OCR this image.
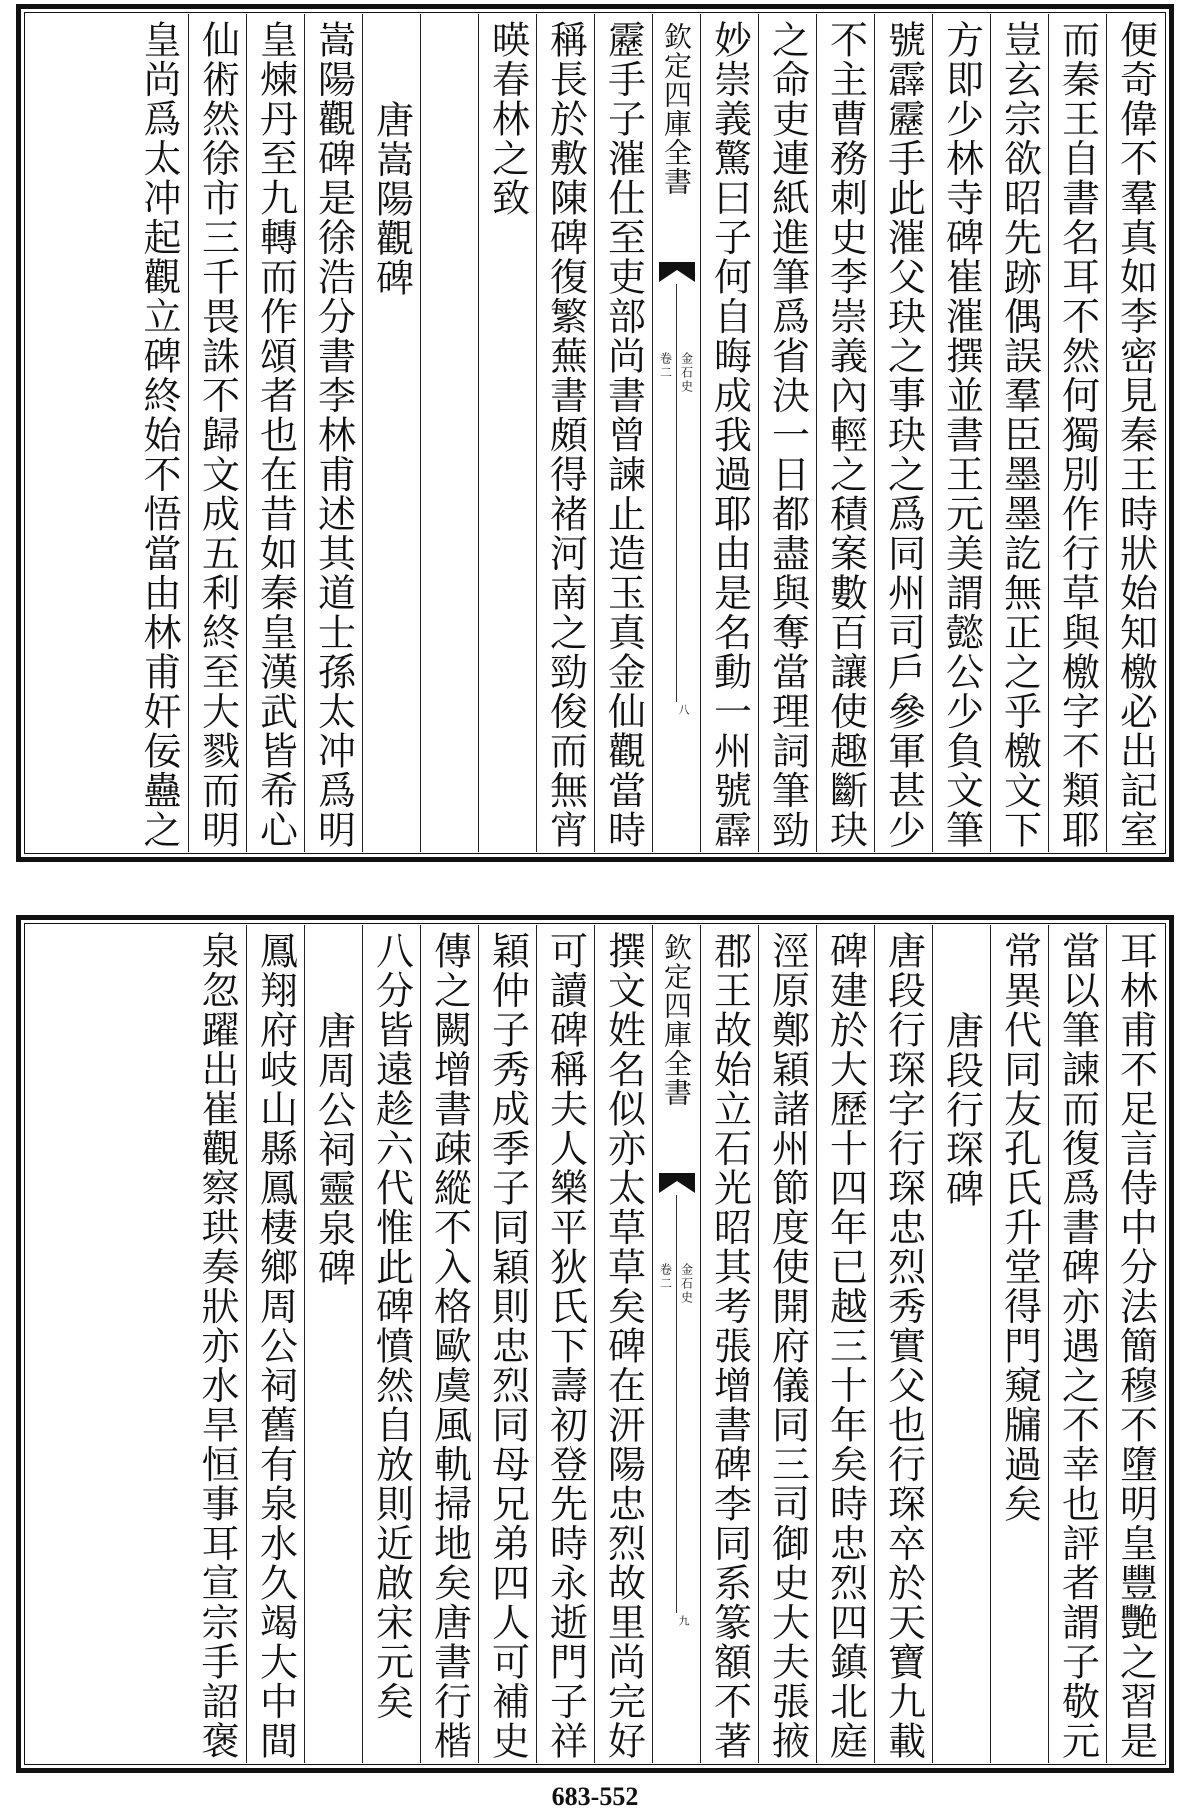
便奇偉不羣真如李密見秦王時狀始知檄必出記室
而秦王自書名耳不然何獨別作行草與檄字不類耶
豈玄宗欲昭先跡偶誤羣臣墨墨訖無正之乎檄文下
方即少林寺碑崔漼撰並書王元美謂懿公少負文筆
號霹靂手此漼父玦之事玦之爲同州司戶參軍甚少
不主曹務刺史李崇義內輕之積案數百讓使趣斷玦
之命吏連紙進筆爲省決一日都盡與奪當理詞筆勁
妙崇義驚曰子何自晦成我過耶由是名動一州號霹
欽定四庫全書
金石史
卷二
八
靂手子漼仕至吏部尚書曾諫止造玉真金仙觀當時
稱長於敷陳碑復繁蕪書頗得褚河南之勁俊而無宵
暎春林之致
唐嵩陽觀碑
嵩陽觀碑是徐浩分書李林甫述其道士孫太冲爲明
皇煉丹至九轉而作頌者也在昔如秦皇漢武皆希心
仙術然徐市三千畏誅不歸文成五利終至大戮而明
皇尚爲太冲起觀立碑終始不悟當由林甫奸佞蠱之
耳林甫不足言侍中分法簡穆不墮明皇豐艷之習是
當以筆諫而復爲書碑亦遇之不幸也評者謂子敬元
常異代同友孔氏升堂得門窺牖過矣
唐段行琛碑
唐段行琛字行琛忠烈秀實父也行琛卒於天寶九載
碑建於大歷十四年已越三十年矣時忠烈四鎮北庭
涇原鄭穎諸州節度使開府儀同三司御史大夫張掖
郡王故始立石光昭其考張增書碑李同系篆額不著
欽定四庫全書
金石史
卷二
九
撰文姓名似亦太草草矣碑在汧陽忠烈故里尚完好
可讀碑稱夫人樂平狄氏下壽初登先時永逝門子祥
穎仲子秀成季子同穎則忠烈同母兄弟四人可補史
傳之闕增書疎縱不入格歐虞風軌掃地矣唐書行楷
八分皆遠趁六代惟此碑憤然自放則近啟宋元矣
唐周公祠靈泉碑
鳳翔府岐山縣鳳棲鄉周公祠舊有泉水久竭大中間
泉忽躍出崔觀察珙奏狀亦水旱恒事耳宣宗手詔褒
683-552
